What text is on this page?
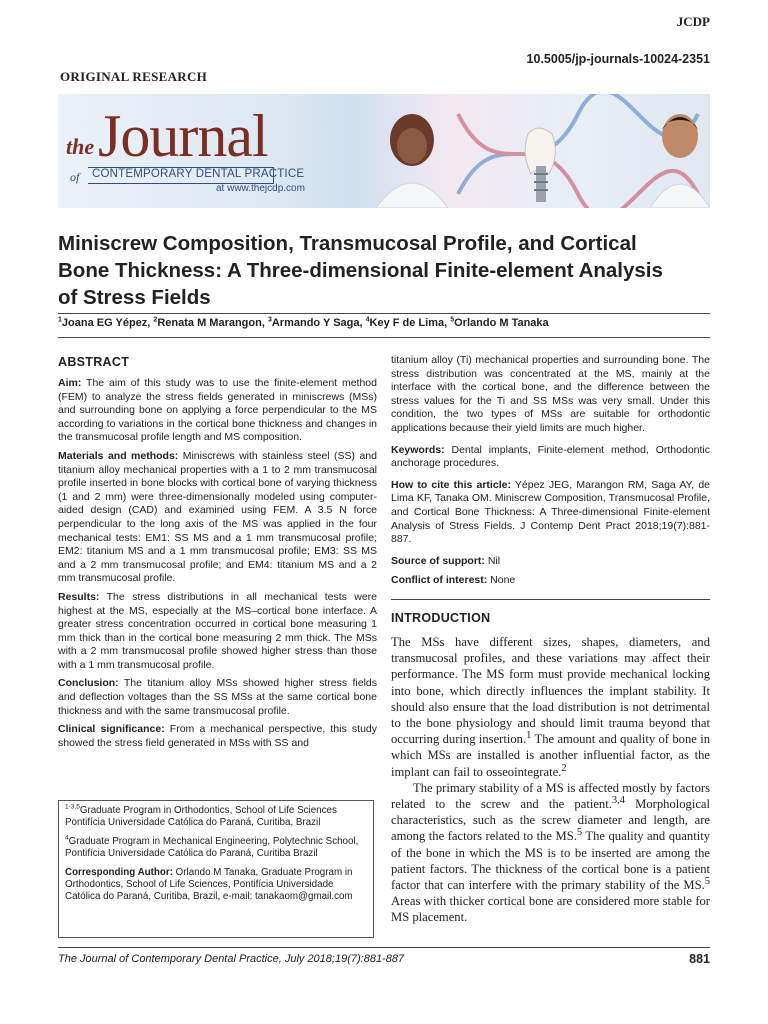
JCDP
10.5005/jp-journals-10024-2351
ORIGINAL RESEARCH
the Journal
of CONTEMPORARY DENTAL PRACTICE
at www.thejcdp.com
Miniscrew Composition, Transmucosal Profile, and Cortical Bone Thickness: A Three-dimensional Finite-element Analysis of Stress Fields
$^1$Joana EG Yépez, $^2$Renata M Marangon, $^3$Armando Y Saga, $^4$Key F de Lima, $^5$Orlando M Tanaka
ABSTRACT

Aim: The aim of this study was to use the finite-element method (FEM) to analyze the stress fields generated in miniscrews (MSs) and surrounding bone on applying a force perpendicular to the MS according to variations in the cortical bone thickness and changes in the transmucosal profile length and MS composition.

Materials and methods: Miniscrews with stainless steel (SS) and titanium alloy mechanical properties with a 1 to 2 mm transmucosal profile inserted in bone blocks with cortical bone of varying thickness (1 and 2 mm) were three-dimensionally modeled using computer-aided design (CAD) and examined using FEM. A 3.5 N force perpendicular to the long axis of the MS was applied in the four mechanical tests: EM1: SS MS and a 1 mm transmucosal profile; EM2: titanium MS and a 1 mm transmucosal profile; EM3: SS MS and a 2 mm transmucosal profile; and EM4: titanium MS and a 2 mm transmucosal profile.

Results: The stress distributions in all mechanical tests were highest at the MS, especially at the MS–cortical bone interface. A greater stress concentration occurred in cortical bone measuring 1 mm thick than in the cortical bone measuring 2 mm thick. The MSs with a 2 mm transmucosal profile showed higher stress than those with a 1 mm transmucosal profile.

Conclusion: The titanium alloy MSs showed higher stress fields and deflection voltages than the SS MSs at the same cortical bone thickness and with the same transmucosal profile.

Clinical significance: From a mechanical perspective, this study showed the stress field generated in MSs with SS and

titanium alloy (Ti) mechanical properties and surrounding bone. The stress distribution was concentrated at the MS, mainly at the interface with the cortical bone, and the difference between the stress values for the Ti and SS MSs was very small. Under this condition, the two types of MSs are suitable for orthodontic applications because their yield limits are much higher.

Keywords: Dental implants, Finite-element method, Orthodontic anchorage procedures.

How to cite this article: Yépez JEG, Marangon RM, Saga AY, de Lima KF, Tanaka OM. Miniscrew Composition, Transmucosal Profile, and Cortical Bone Thickness: A Three-dimensional Finite-element Analysis of Stress Fields. J Contemp Dent Pract 2018;19(7):881-887.

Source of support: Nil

Conflict of interest: None

$^{1-3,5}$Graduate Program in Orthodontics, School of Life Sciences Pontifícia Universidade Católica do Paraná, Curitiba, Brazil

$^4$Graduate Program in Mechanical Engineering, Polytechnic School, Pontifícia Universidade Católica do Paraná, Curitiba Brazil

Corresponding Author: Orlando M Tanaka, Graduate Program in Orthodontics, School of Life Sciences, Pontifícia Universidade Católica do Paraná, Curitiba, Brazil, e-mail: tanakaom@gmail.com

INTRODUCTION

The MSs have different sizes, shapes, diameters, and transmucosal profiles, and these variations may affect their performance. The MS form must provide mechanical locking into bone, which directly influences the implant stability. It should also ensure that the load distribution is not detrimental to the bone physiology and should limit trauma beyond that occurring during insertion.$^1$ The amount and quality of bone in which MSs are installed is another influential factor, as the implant can fail to osseointegrate.$^2$

The primary stability of a MS is affected mostly by factors related to the screw and the patient.$^{3,4}$ Morphological characteristics, such as the screw diameter and length, are among the factors related to the MS.$^5$ The quality and quantity of the bone in which the MS is to be inserted are among the patient factors. The thickness of the cortical bone is a patient factor that can interfere with the primary stability of the MS.$^5$ Areas with thicker cortical bone are considered more stable for MS placement.

The Journal of Contemporary Dental Practice, July 2018;19(7):881-887	881
